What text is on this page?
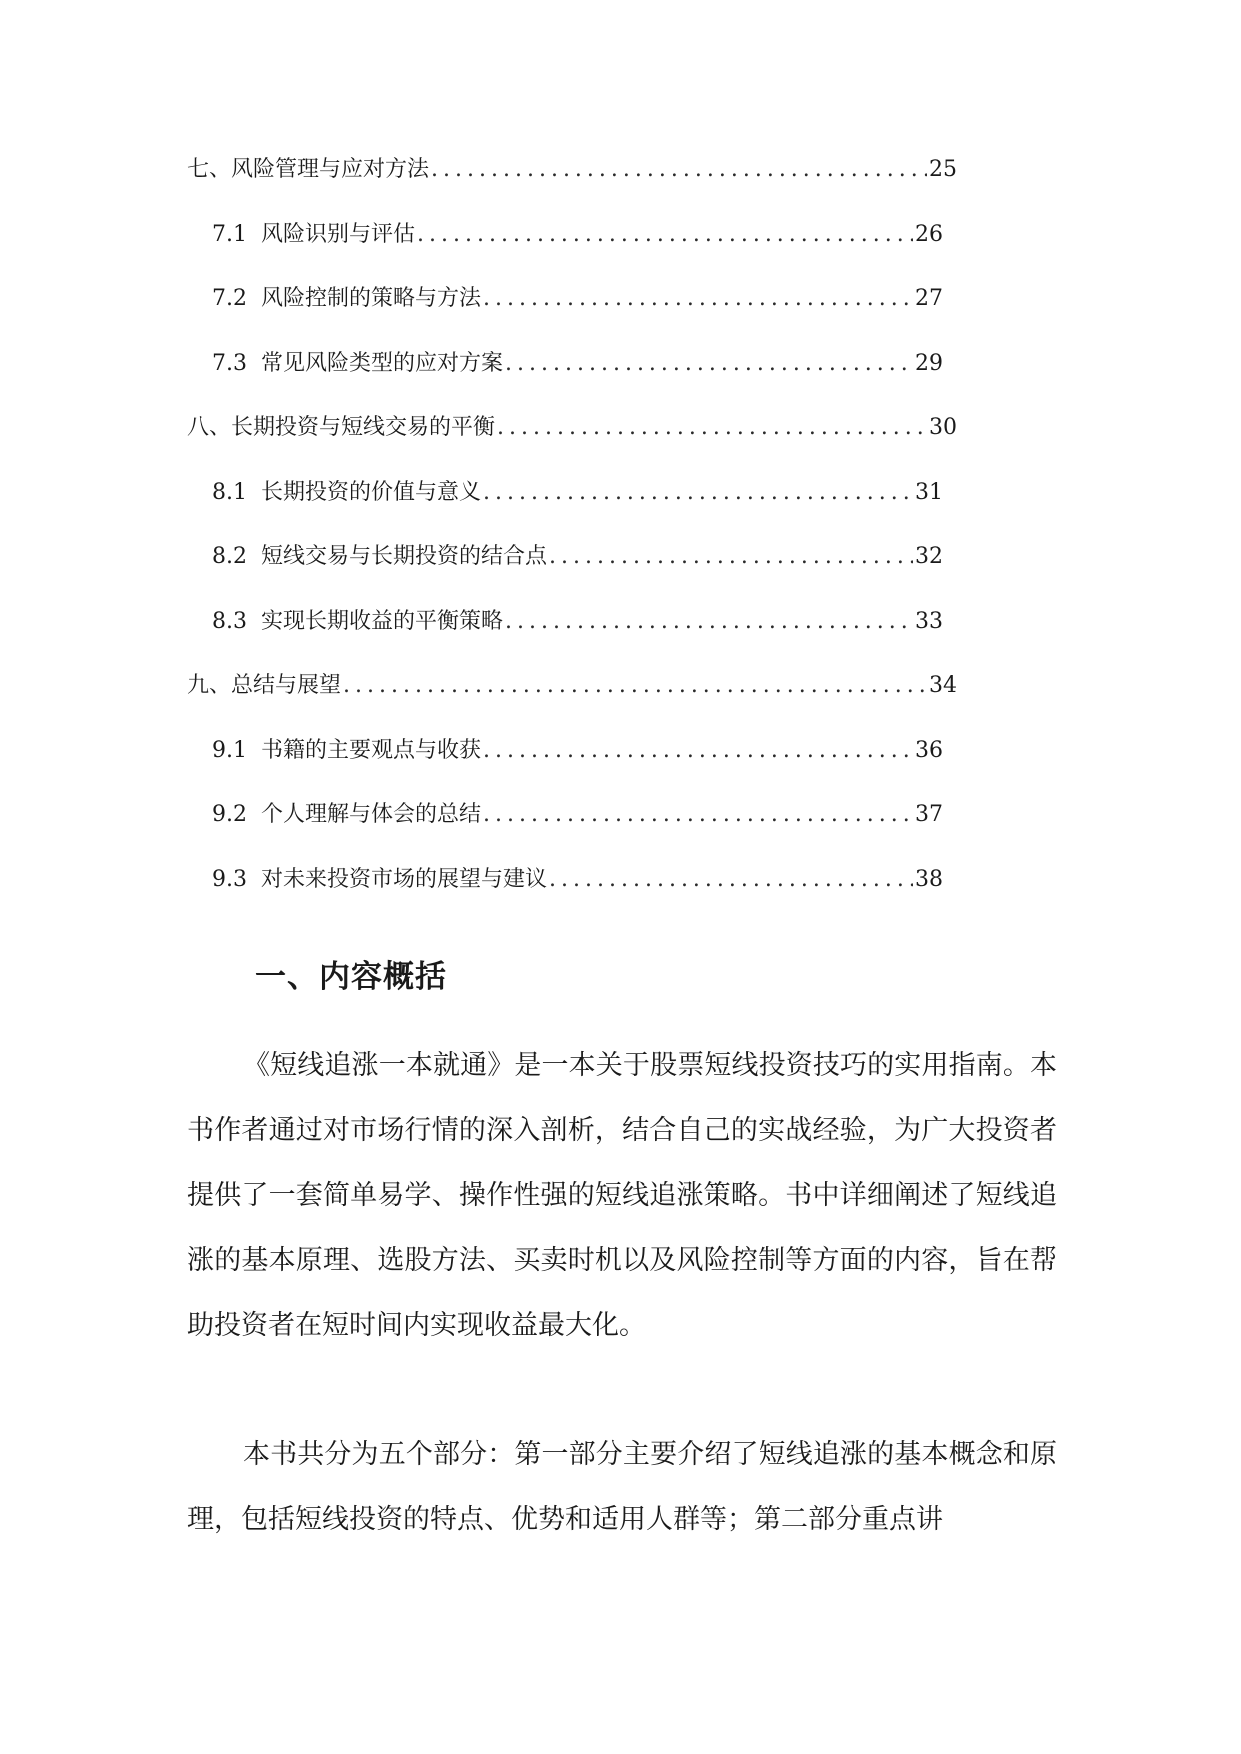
七、风险管理与应对方法 .....	25
7.1 风险识别与评估 .....	26
7.2 风险控制的策略与方法 .....	27
7.3 常见风险类型的应对方案 .....	29
八、长期投资与短线交易的平衡 .....	30
8.1 长期投资的价值与意义 .....	31
8.2 短线交易与长期投资的结合点 .....	32
8.3 实现长期收益的平衡策略 .....	33
九、总结与展望 .....	34
9.1 书籍的主要观点与收获 .....	36
9.2 个人理解与体会的总结 .....	37
9.3 对未来投资市场的展望与建议 .....	38
一、内容概括

《短线追涨一本就通》是一本关于股票短线投资技巧的实用指南。本书作者通过对市场行情的深入剖析，结合自己的实战经验，为广大投资者提供了一套简单易学、操作性强的短线追涨策略。书中详细阐述了短线追涨的基本原理、选股方法、买卖时机以及风险控制等方面的内容，旨在帮助投资者在短时间内实现收益最大化。

本书共分为五个部分：第一部分主要介绍了短线追涨的基本概念和原理，包括短线投资的特点、优势和适用人群等；第二部分重点讲
